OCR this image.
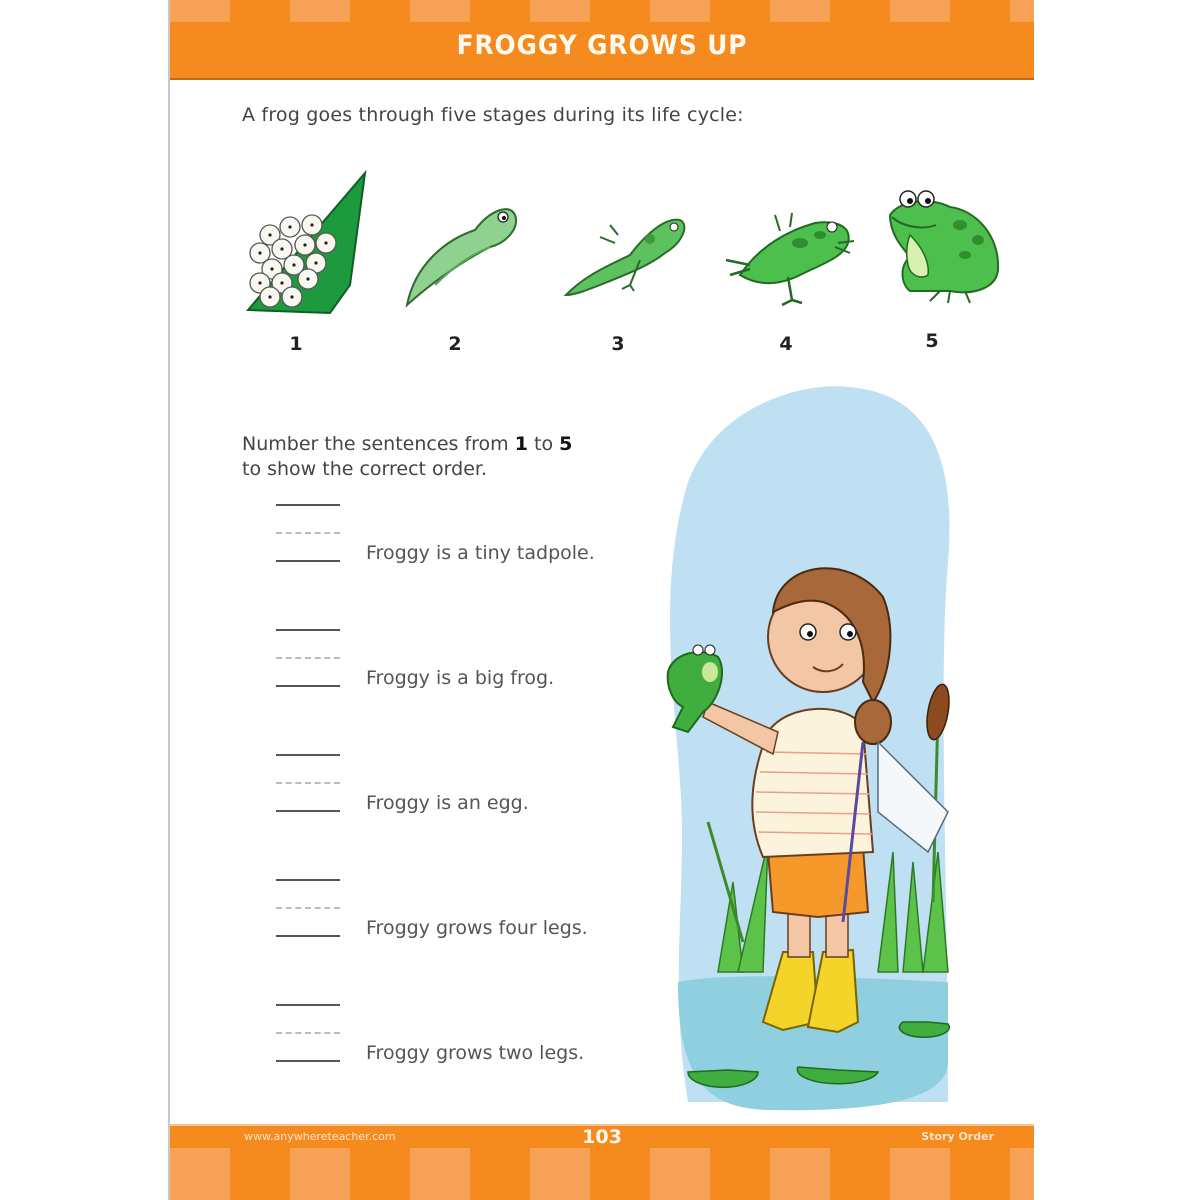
FROGGY GROWS UP
A frog goes through five stages during its life cycle:
1	2	3	4	5
Number the sentences from 1 to 5
to show the correct order.
Froggy is a tiny tadpole.
Froggy is a big frog.
Froggy is an egg.
Froggy grows four legs.
Froggy grows two legs.
www.anywhereteacher.com	103	Story Order
